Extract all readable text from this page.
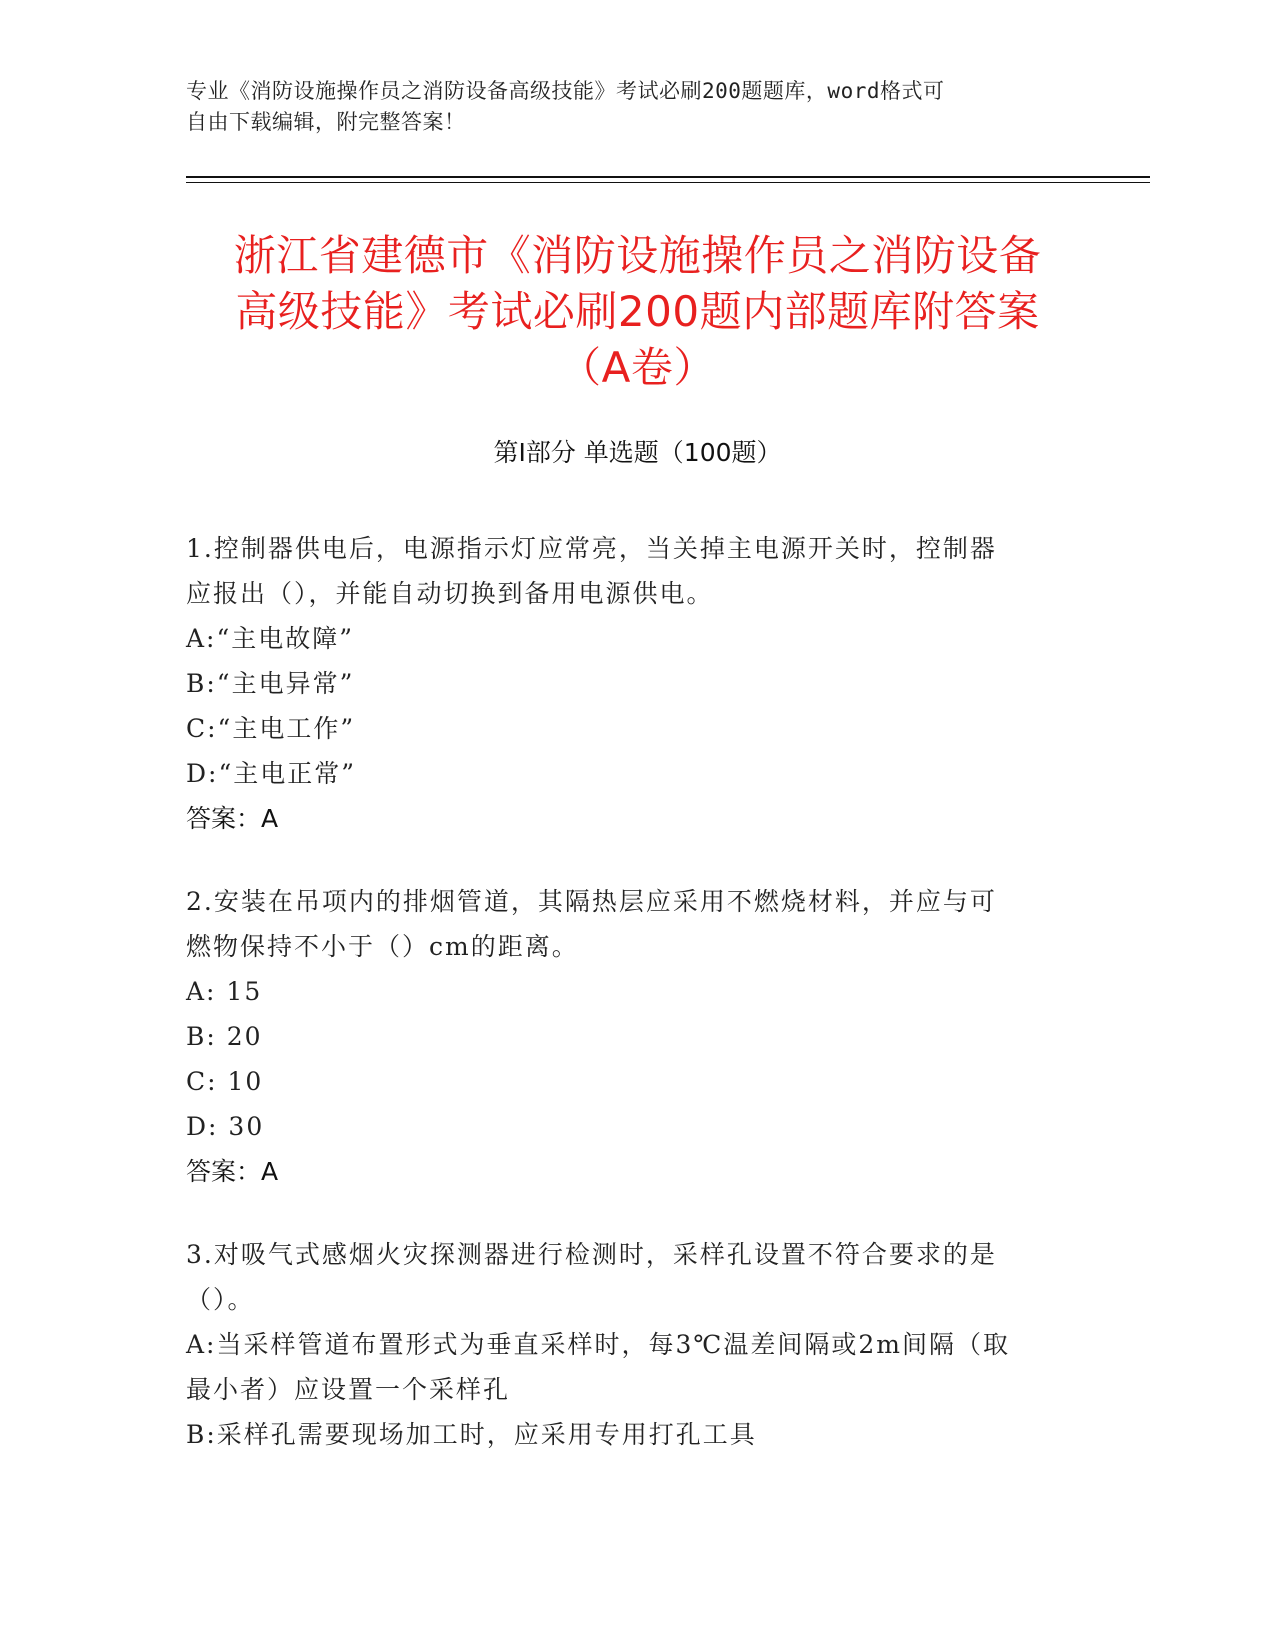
专业《消防设施操作员之消防设备高级技能》考试必刷200题题库，word格式可
自由下载编辑，附完整答案！
浙江省建德市《消防设施操作员之消防设备
高级技能》考试必刷200题内部题库附答案
（A卷）
第Ⅰ部分 单选题（100题）

1.控制器供电后，电源指示灯应常亮，当关掉主电源开关时，控制器

应报出（），并能自动切换到备用电源供电。

A:“主电故障”

B:“主电异常”

C:“主电工作”

D:“主电正常”

答案：A

2.安装在吊项内的排烟管道，其隔热层应采用不燃烧材料，并应与可

燃物保持不小于（）cm的距离。

A: 15

B: 20

C: 10

D: 30

答案：A

3.对吸气式感烟火灾探测器进行检测时，采样孔设置不符合要求的是

（）。

A:当采样管道布置形式为垂直采样时，每3℃温差间隔或2m间隔（取

最小者）应设置一个采样孔

B:采样孔需要现场加工时，应采用专用打孔工具
